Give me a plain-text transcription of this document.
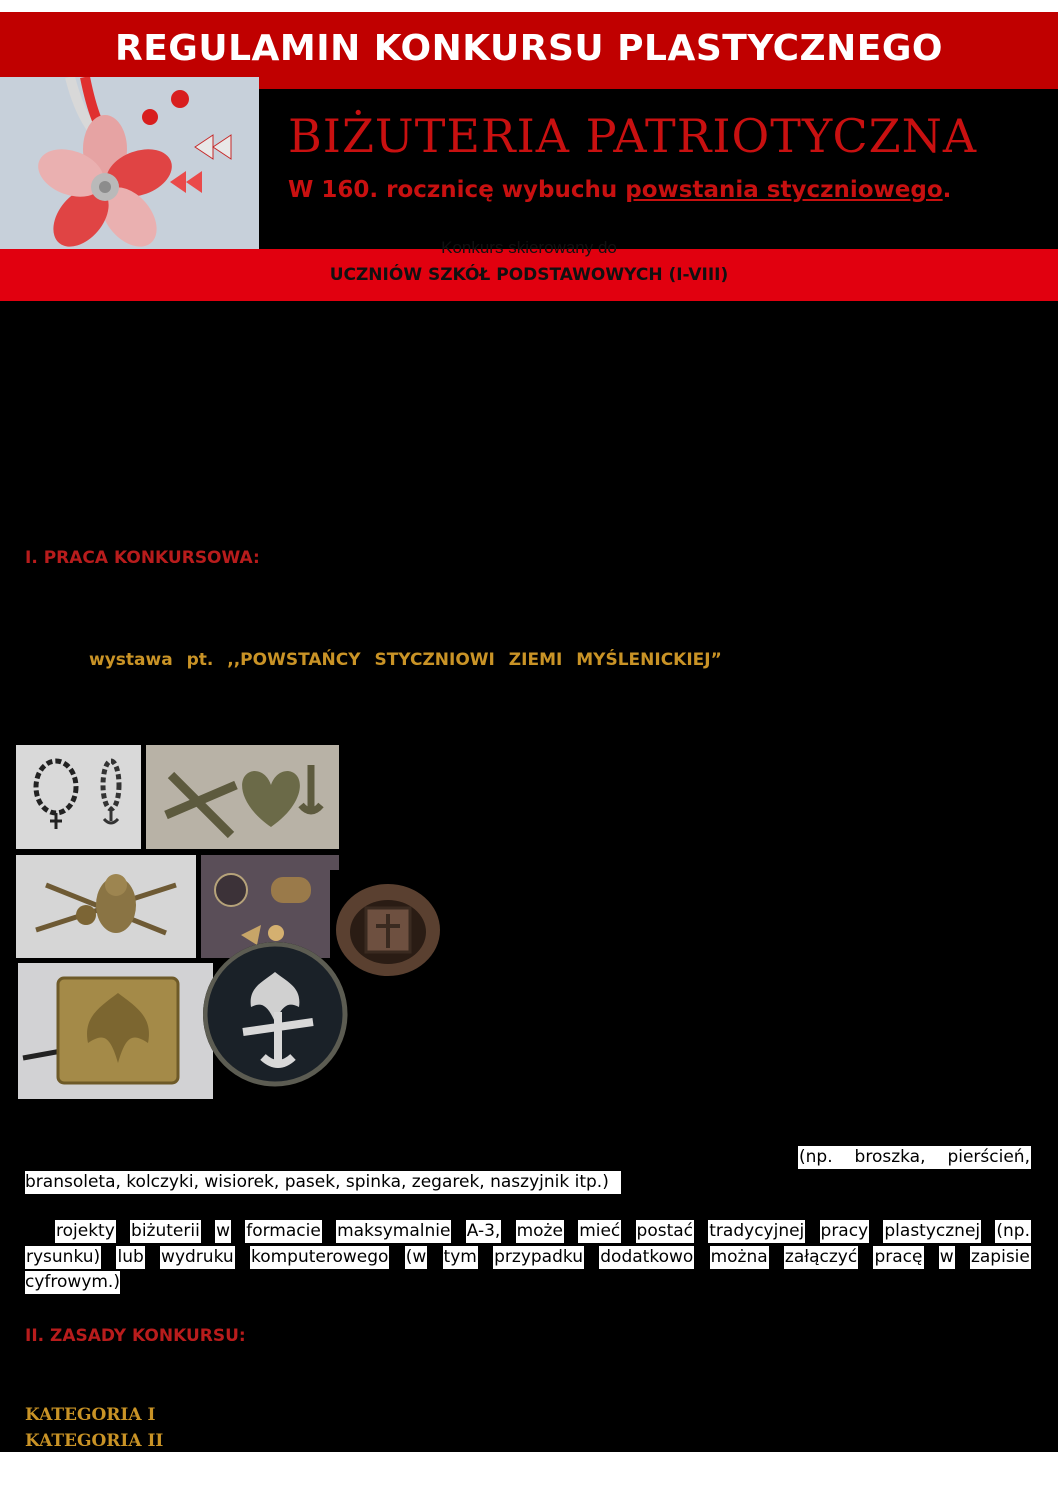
REGULAMIN KONKURSU PLASTYCZNEGO
BIŻUTERIA PATRIOTYCZNA
W 160. rocznicę wybuchu powstania styczniowego.
Konkurs skierowany do
UCZNIÓW SZKÓŁ PODSTAWOWYCH (I-VIII)
I. PRACA KONKURSOWA:
wystawa pt. ,,POWSTAŃCY STYCZNIOWI ZIEMI MYŚLENICKIEJ”
(np. broszka, pierścień,
bransoleta, kolczyki, wisiorek, pasek, spinka, zegarek, naszyjnik itp.)
rojekty biżuterii w formacie maksymalnie A-3, może mieć postać tradycyjnej pracy plastycznej (np.
rysunku) lub wydruku komputerowego (w tym przypadku dodatkowo można załączyć pracę w zapisie
cyfrowym.)
II. ZASADY KONKURSU:
KATEGORIA I
KATEGORIA II
